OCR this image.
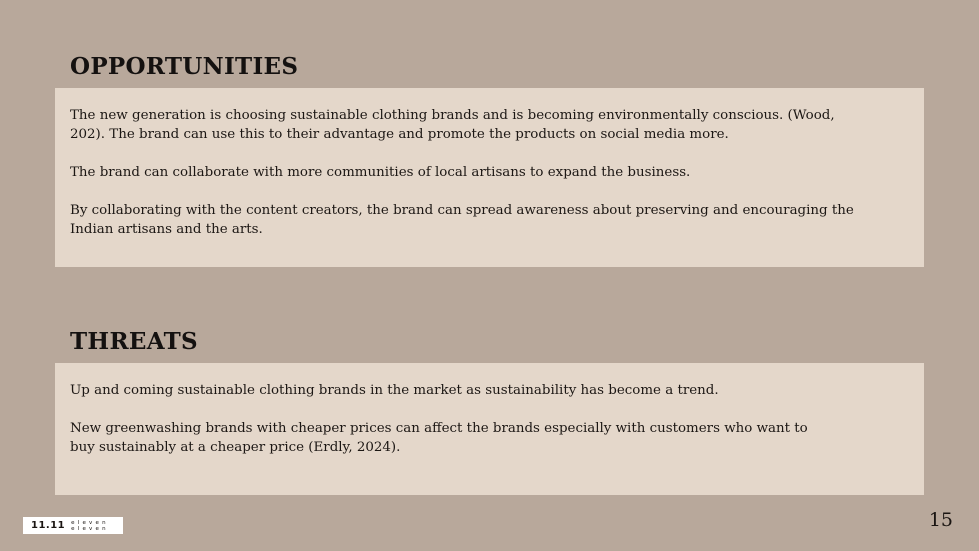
OPPORTUNITIES

The new generation is choosing sustainable clothing brands and is becoming environmentally conscious. (Wood,
202). The brand can use this to their advantage and promote the products on social media more.

The brand can collaborate with more communities of local artisans to expand the business.

By collaborating with the content creators, the brand can spread awareness about preserving and encouraging the
Indian artisans and the arts.

THREATS

Up and coming sustainable clothing brands in the market as sustainability has become a trend.

New greenwashing brands with cheaper prices can affect the brands especially with customers who want to
buy sustainably at a cheaper price (Erdly, 2024).

11.11 eleven
eleven	15
